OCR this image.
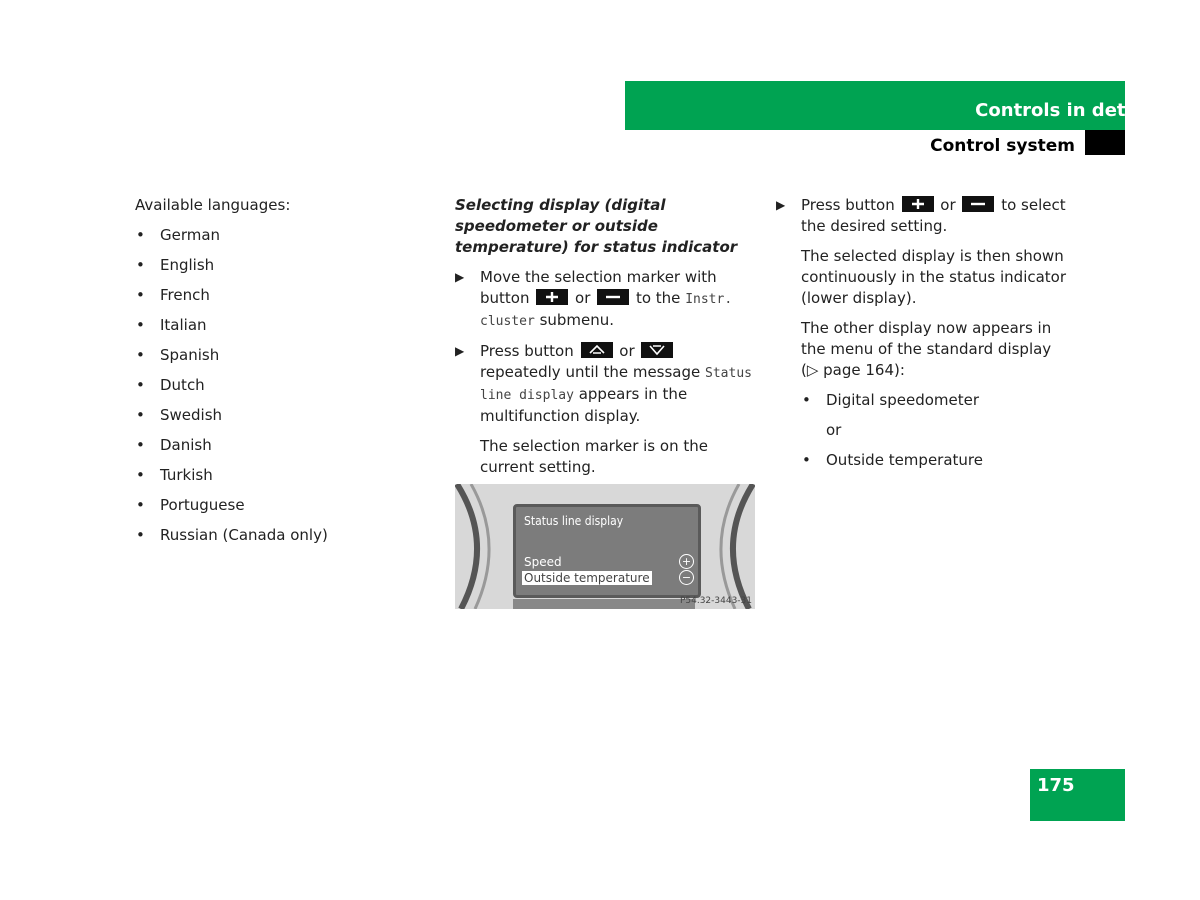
Controls in detail
Control system

Available languages:

• German
• English
• French
• Italian
• Spanish
• Dutch
• Swedish
• Danish
• Turkish
• Portuguese
• Russian (Canada only)
Selecting display (digital speedometer or outside temperature) for status indicator
▶ Move the selection marker with button	or	to the Instr. cluster submenu.
▶ Press button	or
repeatedly until the message Status line display appears in the multifunction display.

The selection marker is on the current setting.

Status line display
Speed
Outside temperature
+
−
P54.32-3443-31
▶ Press button	or	to select the desired setting.

The selected display is then shown continuously in the status indicator (lower display).

The other display now appears in the menu of the standard display
(▷ page 164):

• Digital speedometer
or
• Outside temperature
175
